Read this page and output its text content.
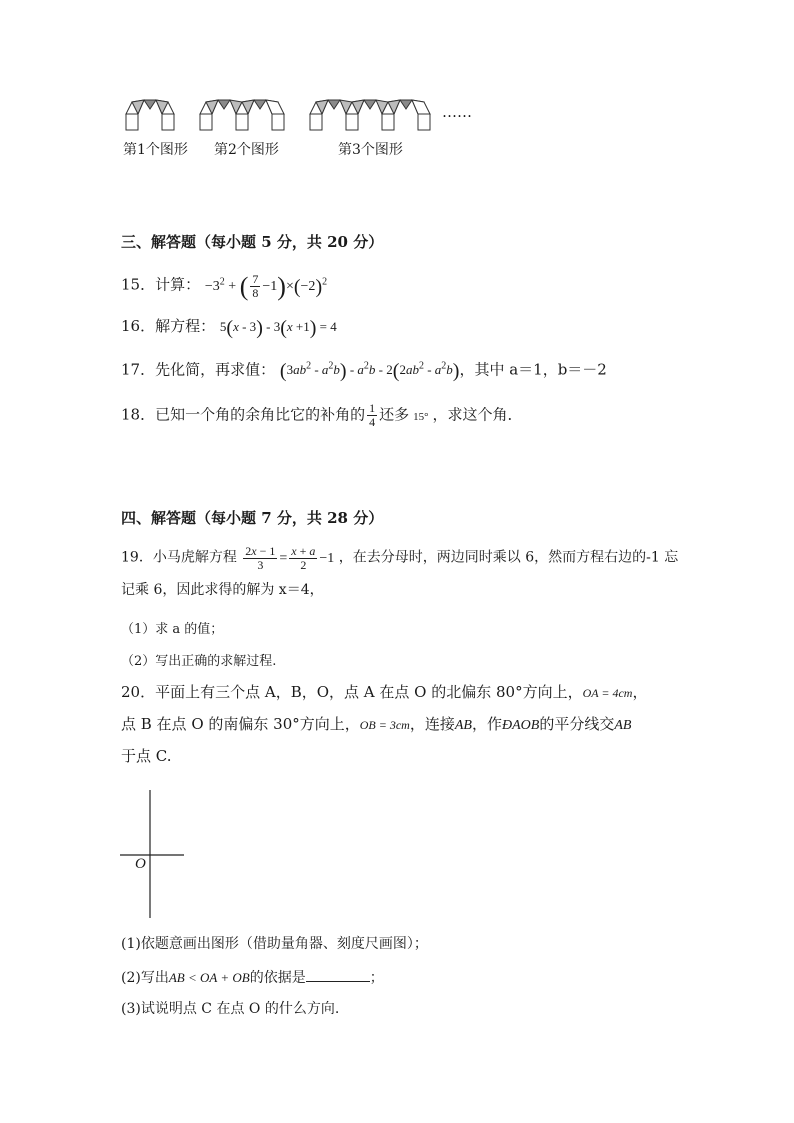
……
第1个图形 第2个图形	第3个图形
三、解答题（每小题 5 分，共 20 分）
15．计算： $-3^2$ + ( $\frac{7}{8} -1)\times(-2)^2$
16．解方程： 5(x - 3) - 3(x +1) = 4
17．先化简，再求值： $(3ab^2 - a^2b) - a^2b - 2(2ab^2 - a^2b)$，其中 a＝1，b＝－2
18．已知一个角的余角比它的补角的 $\frac{1}{4}$ 还多 15° ，求这个角．
四、解答题（每小题 7 分，共 28 分）
19．小马虎解方程 $\frac{2x - 1}{3} = \frac{x + a}{2} -1$ ，在去分母时，两边同时乘以 6，然而方程右边的-1 忘
记乘 6，因此求得的解为 x＝4，
（1）求 a 的值；
（2）写出正确的求解过程.
20．平面上有三个点 A，B，O，点 A 在点 O 的北偏东 80°方向上，OA = 4cm，
点 B 在点 O 的南偏东 30°方向上，OB = 3cm，连接AB，作ÐAOB的平分线交AB
于点 C.
O
(1)依题意画出图形（借助量角器、刻度尺画图）；
(2)写出AB < OA + OB的依据是	；
(3)试说明点 C 在点 O 的什么方向.
